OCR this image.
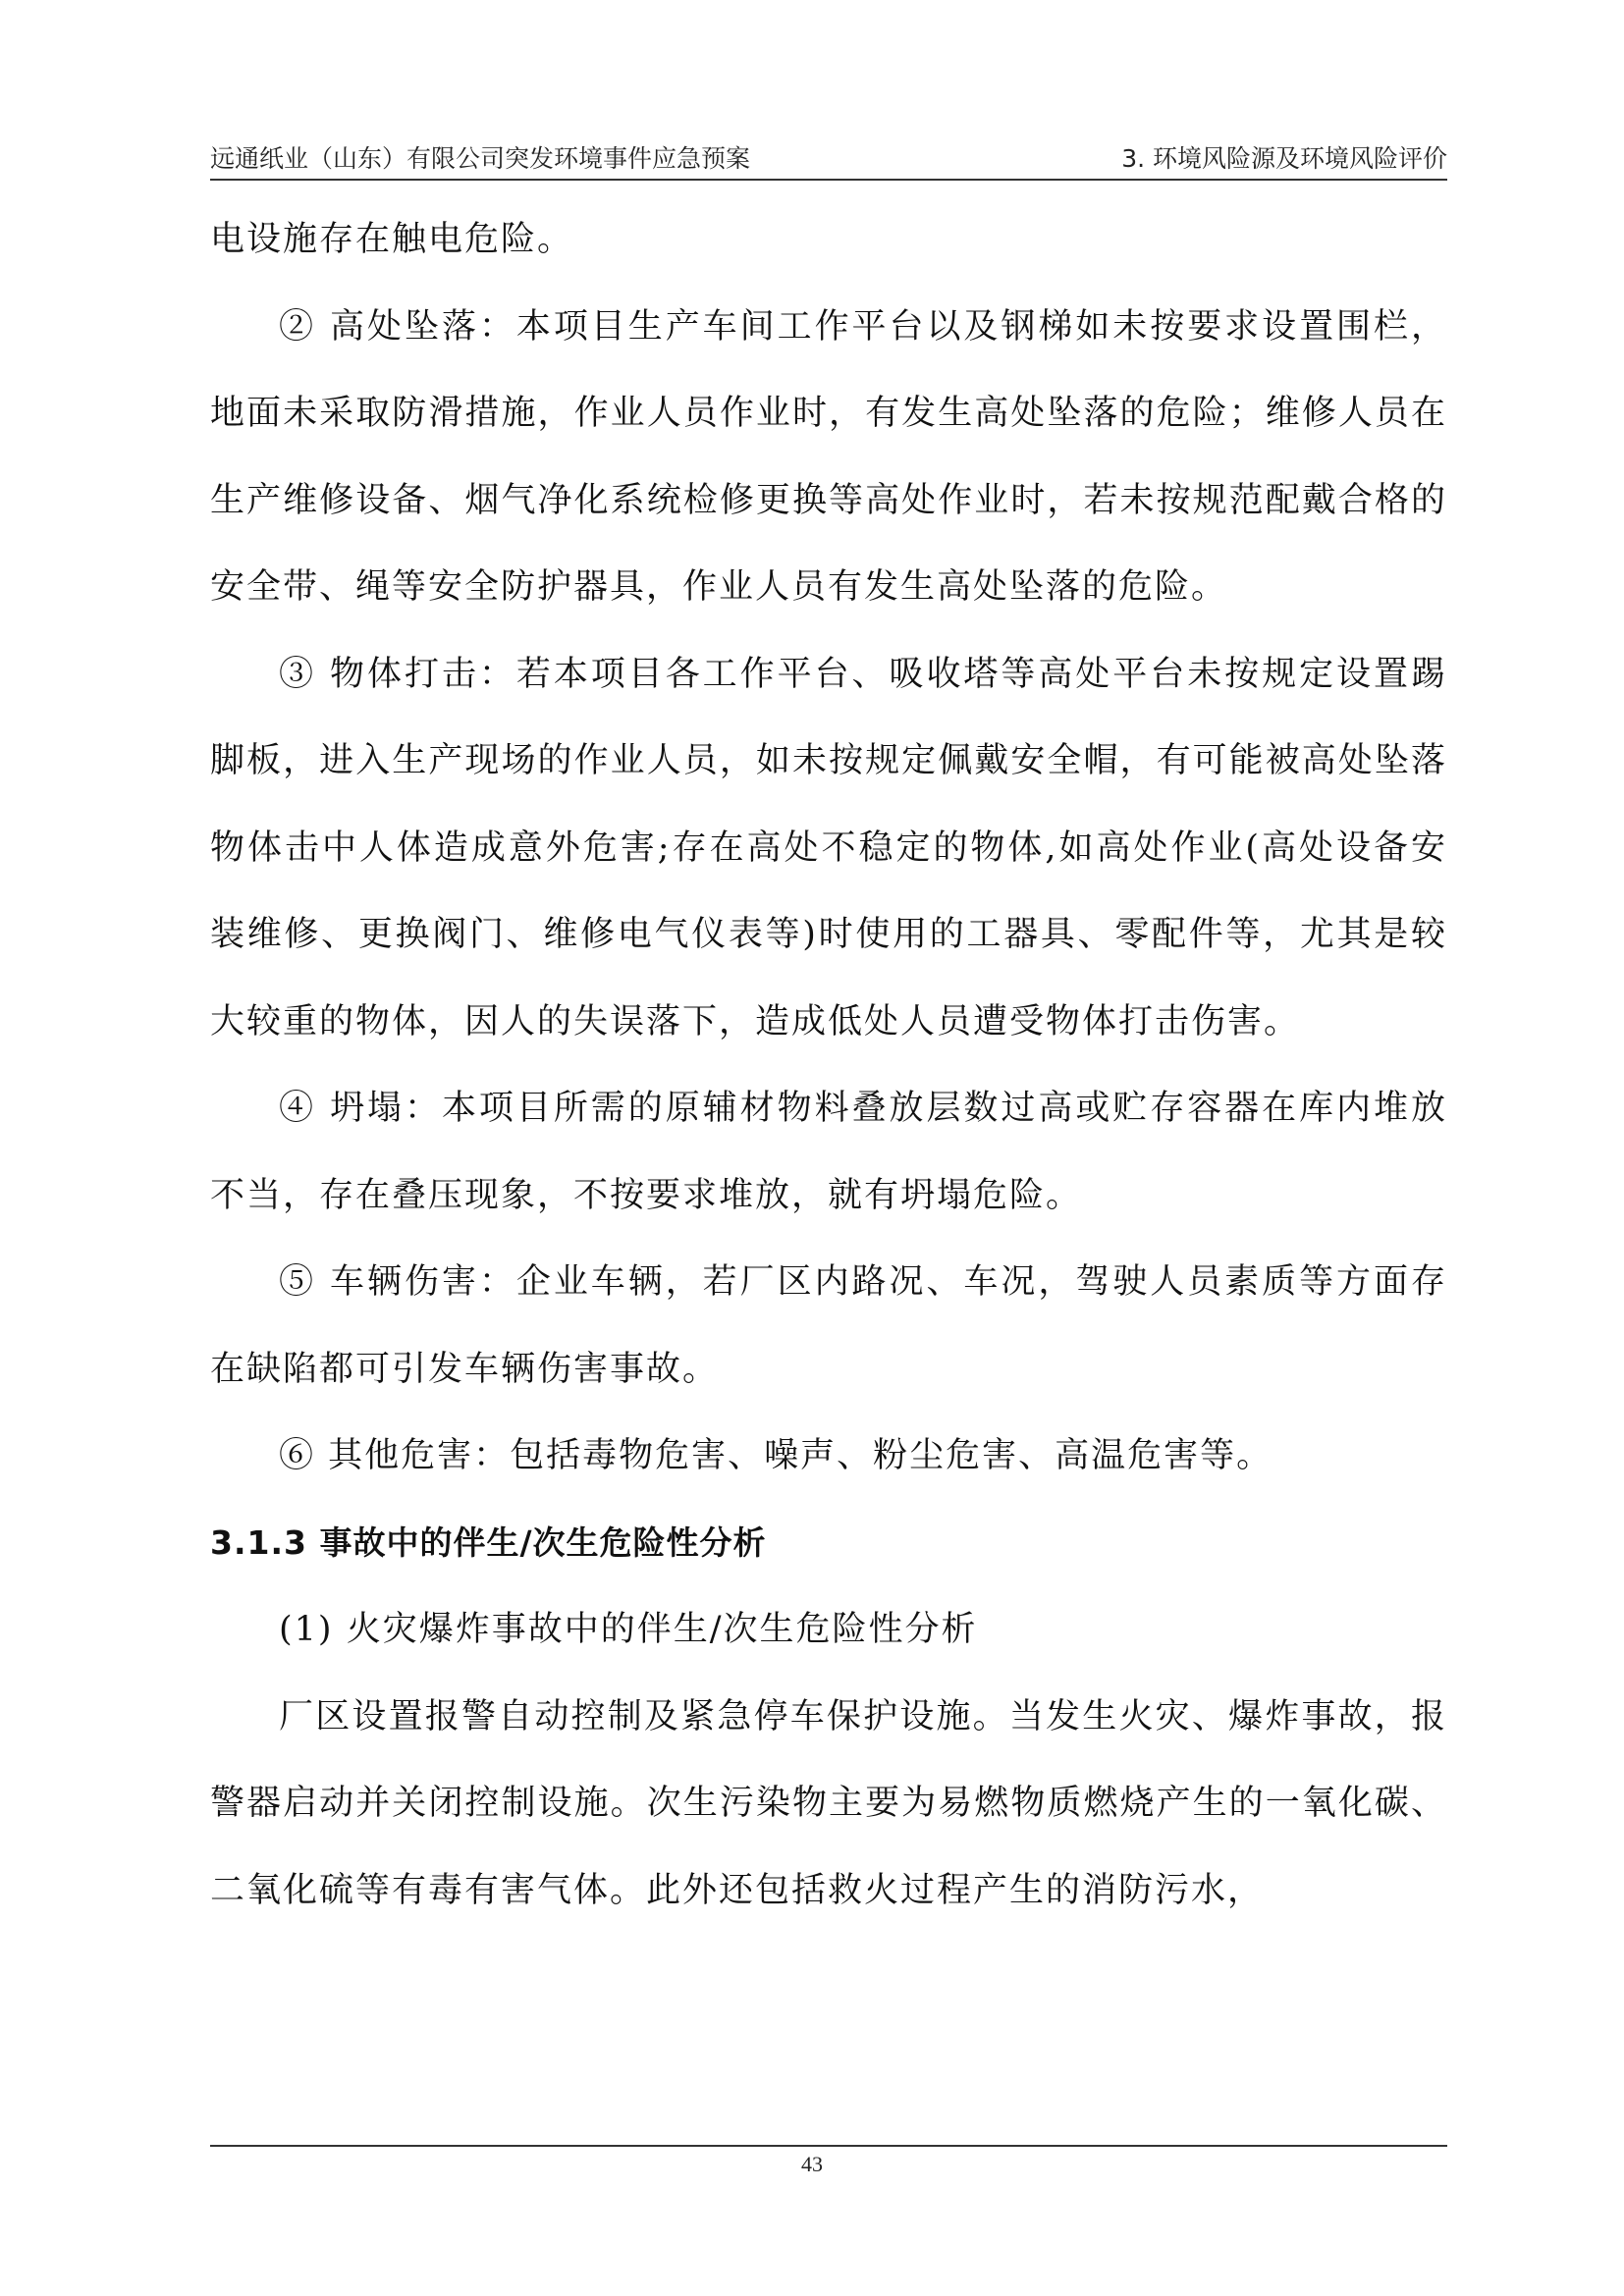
远通纸业（山东）有限公司突发环境事件应急预案	3. 环境风险源及环境风险评价

电设施存在触电危险。

② 高处坠落：本项目生产车间工作平台以及钢梯如未按要求设置围栏，地面未采取防滑措施，作业人员作业时，有发生高处坠落的危险；维修人员在生产维修设备、烟气净化系统检修更换等高处作业时，若未按规范配戴合格的安全带、绳等安全防护器具，作业人员有发生高处坠落的危险。

③ 物体打击：若本项目各工作平台、吸收塔等高处平台未按规定设置踢脚板，进入生产现场的作业人员，如未按规定佩戴安全帽，有可能被高处坠落物体击中人体造成意外危害;存在高处不稳定的物体,如高处作业(高处设备安装维修、更换阀门、维修电气仪表等)时使用的工器具、零配件等，尤其是较大较重的物体，因人的失误落下，造成低处人员遭受物体打击伤害。

④ 坍塌：本项目所需的原辅材物料叠放层数过高或贮存容器在库内堆放不当，存在叠压现象，不按要求堆放，就有坍塌危险。

⑤ 车辆伤害：企业车辆，若厂区内路况、车况，驾驶人员素质等方面存在缺陷都可引发车辆伤害事故。

⑥ 其他危害：包括毒物危害、噪声、粉尘危害、高温危害等。

3.1.3 事故中的伴生/次生危险性分析

(1) 火灾爆炸事故中的伴生/次生危险性分析

厂区设置报警自动控制及紧急停车保护设施。当发生火灾、爆炸事故，报警器启动并关闭控制设施。次生污染物主要为易燃物质燃烧产生的一氧化碳、二氧化硫等有毒有害气体。此外还包括救火过程产生的消防污水，

43
